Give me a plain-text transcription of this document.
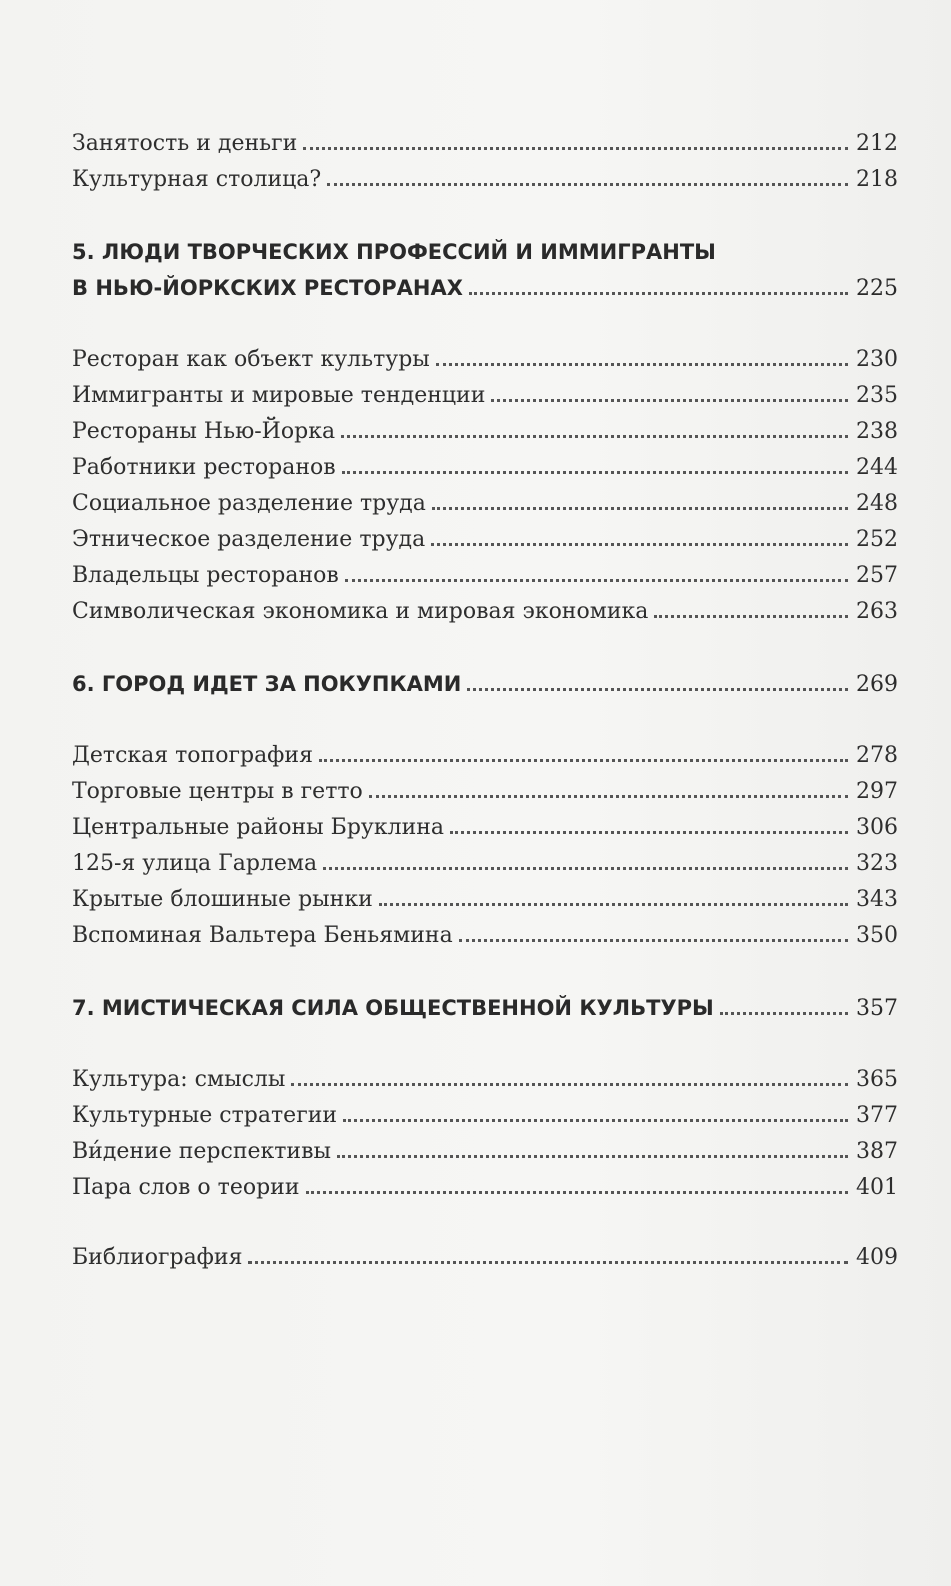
Занятость и деньги	212
Культурная столица?	218
5. ЛЮДИ ТВОРЧЕСКИХ ПРОФЕССИЙ И ИММИГРАНТЫ
В НЬЮ-ЙОРКСКИХ РЕСТОРАНАХ	225
Ресторан как объект культуры	230
Иммигранты и мировые тенденции	235
Рестораны Нью-Йорка	238
Работники ресторанов	244
Социальное разделение труда	248
Этническое разделение труда	252
Владельцы ресторанов	257
Символическая экономика и мировая экономика	263
6. ГОРОД ИДЕТ ЗА ПОКУПКАМИ	269
Детская топография	278
Торговые центры в гетто	297
Центральные районы Бруклина	306
125-я улица Гарлема	323
Крытые блошиные рынки	343
Вспоминая Вальтера Беньямина	350
7. МИСТИЧЕСКАЯ СИЛА ОБЩЕСТВЕННОЙ КУЛЬТУРЫ	357
Культура: смыслы	365
Культурные стратегии	377
Ви́дение перспективы	387
Пара слов о теории	401
Библиография	409
